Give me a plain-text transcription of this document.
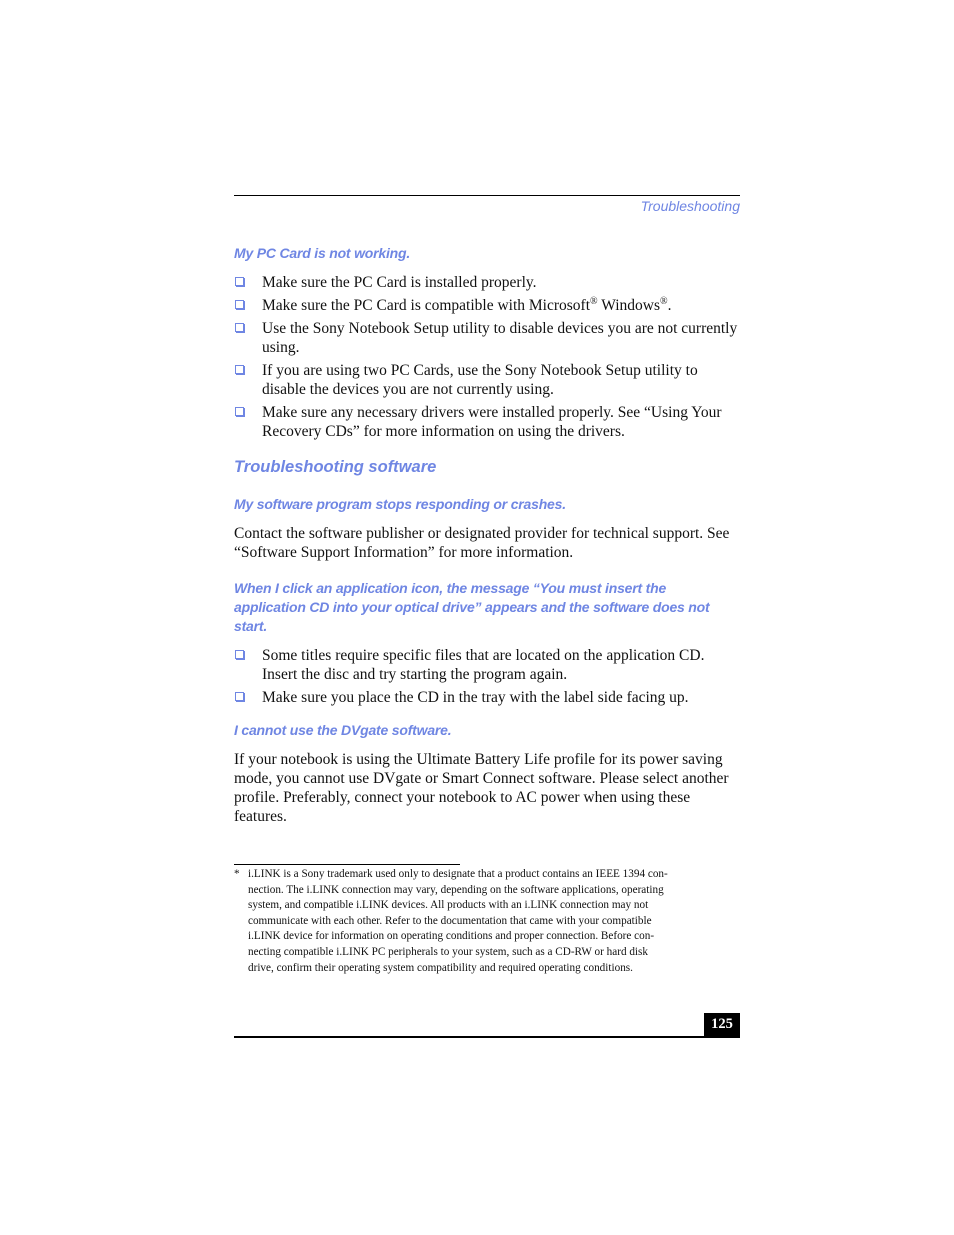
Troubleshooting
My PC Card is not working.
Make sure the PC Card is installed properly.
Make sure the PC Card is compatible with Microsoft® Windows®.
Use the Sony Notebook Setup utility to disable devices you are not currently using.
If you are using two PC Cards, use the Sony Notebook Setup utility to disable the devices you are not currently using.
Make sure any necessary drivers were installed properly. See “Using Your Recovery CDs” for more information on using the drivers.
Troubleshooting software
My software program stops responding or crashes.

Contact the software publisher or designated provider for technical support. See “Software Support Information” for more information.

When I click an application icon, the message “You must insert the application CD into your optical drive” appears and the software does not start.
Some titles require specific files that are located on the application CD. Insert the disc and try starting the program again.
Make sure you place the CD in the tray with the label side facing up.
I cannot use the DVgate software.

If your notebook is using the Ultimate Battery Life profile for its power saving mode, you cannot use DVgate or Smart Connect software. Please select another profile. Preferably, connect your notebook to AC power when using these features.

* i.LINK is a Sony trademark used only to designate that a product contains an IEEE 1394 con-
nection. The i.LINK connection may vary, depending on the software applications, operating
system, and compatible i.LINK devices. All products with an i.LINK connection may not
communicate with each other. Refer to the documentation that came with your compatible
i.LINK device for information on operating conditions and proper connection. Before con-
necting compatible i.LINK PC peripherals to your system, such as a CD-RW or hard disk
drive, confirm their operating system compatibility and required operating conditions.
125
